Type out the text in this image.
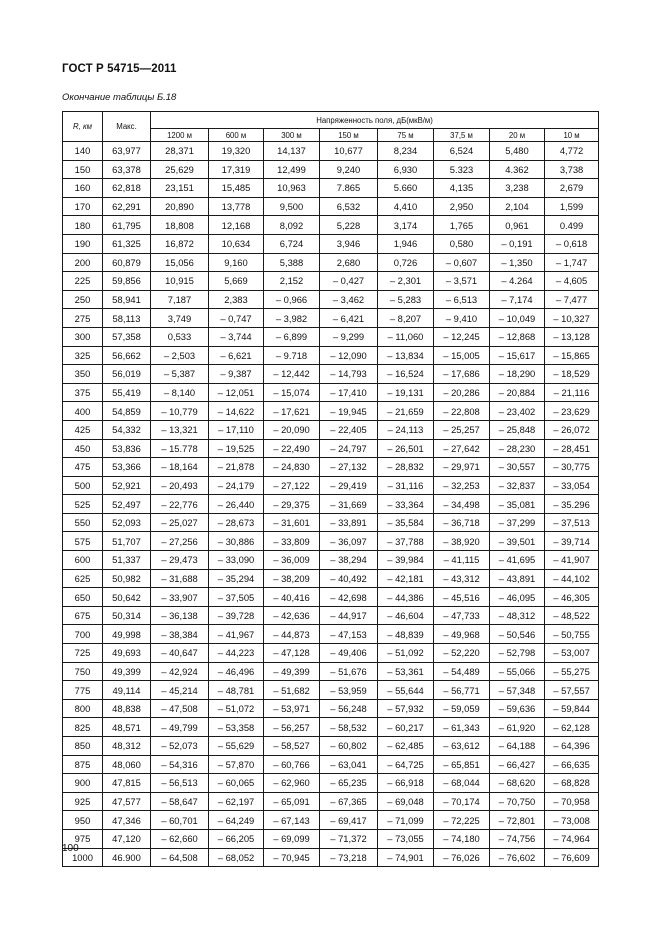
ГОСТ Р 54715—2011
Окончание таблицы Б.18
R, км	Макс.	Напряженность поля, дБ(мкВ/м)							
		1200 м	600 м	300 м	150 м	75 м	37,5 м	20 м	10 м
140	63,977	28,371	19,320	14,137	10,677	8,234	6,524	5,480	4,772
150	63,378	25,629	17,319	12,499	9,240	6,930	5.323	4.362	3,738
160	62,818	23,151	15,485	10,963	7.865	5.660	4,135	3,238	2,679
170	62,291	20,890	13,778	9,500	6,532	4,410	2,950	2,104	1,599
180	61,795	18,808	12,168	8,092	5,228	3,174	1,765	0,961	0.499
190	61,325	16,872	10,634	6,724	3,946	1,946	0,580	– 0,191	– 0,618
200	60,879	15,056	9,160	5,388	2,680	0,726	– 0,607	– 1,350	– 1,747
225	59,856	10,915	5,669	2,152	– 0,427	– 2,301	– 3,571	– 4.264	– 4,605
250	58,941	7,187	2,383	– 0,966	– 3,462	– 5,283	– 6,513	– 7,174	– 7,477
275	58,113	3,749	– 0,747	– 3,982	– 6,421	– 8,207	– 9,410	– 10,049	– 10,327
300	57,358	0,533	– 3,744	– 6,899	– 9,299	– 11,060	– 12,245	– 12,868	– 13,128
325	56,662	– 2,503	– 6,621	– 9.718	– 12,090	– 13,834	– 15,005	– 15,617	– 15,865
350	56,019	– 5,387	– 9,387	– 12,442	– 14,793	– 16,524	– 17,686	– 18,290	– 18,529
375	55,419	– 8,140	– 12,051	– 15,074	– 17,410	– 19,131	– 20,286	– 20,884	– 21,116
400	54,859	– 10,779	– 14,622	– 17,621	– 19,945	– 21,659	– 22,808	– 23,402	– 23,629
425	54,332	– 13,321	– 17,110	– 20,090	– 22,405	– 24,113	– 25,257	– 25,848	– 26,072
450	53,836	– 15.778	– 19,525	– 22,490	– 24,797	– 26,501	– 27,642	– 28,230	– 28,451
475	53,366	– 18,164	– 21,878	– 24,830	– 27,132	– 28,832	– 29,971	– 30,557	– 30,775
500	52,921	– 20,493	– 24,179	– 27,122	– 29,419	– 31,116	– 32,253	– 32,837	– 33,054
525	52,497	– 22,776	– 26,440	– 29,375	– 31,669	– 33,364	– 34,498	– 35,081	– 35.296
550	52,093	– 25,027	– 28,673	– 31,601	– 33,891	– 35,584	– 36,718	– 37,299	– 37,513
575	51,707	– 27,256	– 30,886	– 33,809	– 36,097	– 37,788	– 38,920	– 39,501	– 39,714
600	51,337	– 29,473	– 33,090	– 36,009	– 38,294	– 39,984	– 41,115	– 41,695	– 41,907
625	50,982	– 31,688	– 35,294	– 38,209	– 40,492	– 42,181	– 43,312	– 43,891	– 44,102
650	50,642	– 33,907	– 37,505	– 40,416	– 42,698	– 44,386	– 45,516	– 46,095	– 46,305
675	50,314	– 36,138	– 39,728	– 42,636	– 44,917	– 46,604	– 47,733	– 48,312	– 48,522
700	49,998	– 38,384	– 41,967	– 44,873	– 47,153	– 48,839	– 49,968	– 50,546	– 50,755
725	49,693	– 40,647	– 44,223	– 47,128	– 49,406	– 51,092	– 52,220	– 52,798	– 53,007
750	49,399	– 42,924	– 46,496	– 49,399	– 51,676	– 53,361	– 54,489	– 55,066	– 55,275
775	49,114	– 45,214	– 48,781	– 51,682	– 53,959	– 55,644	– 56,771	– 57,348	– 57,557
800	48,838	– 47,508	– 51,072	– 53,971	– 56,248	– 57,932	– 59,059	– 59,636	– 59,844
825	48,571	– 49,799	– 53,358	– 56,257	– 58,532	– 60,217	– 61,343	– 61,920	– 62,128
850	48,312	– 52,073	– 55,629	– 58,527	– 60,802	– 62,485	– 63,612	– 64,188	– 64,396
875	48,060	– 54,316	– 57,870	– 60,766	– 63,041	– 64,725	– 65,851	– 66,427	– 66,635
900	47,815	– 56,513	– 60,065	– 62,960	– 65,235	– 66,918	– 68,044	– 68,620	– 68,828
925	47,577	– 58,647	– 62,197	– 65,091	– 67,365	– 69,048	– 70,174	– 70,750	– 70,958
950	47,346	– 60,701	– 64,249	– 67,143	– 69,417	– 71,099	– 72,225	– 72,801	– 73,008
975	47,120	– 62,660	– 66,205	– 69,099	– 71,372	– 73,055	– 74,180	– 74,756	– 74,964
1000	46.900	– 64,508	– 68,052	– 70,945	– 73,218	– 74,901	– 76,026	– 76,602	– 76,609
100
